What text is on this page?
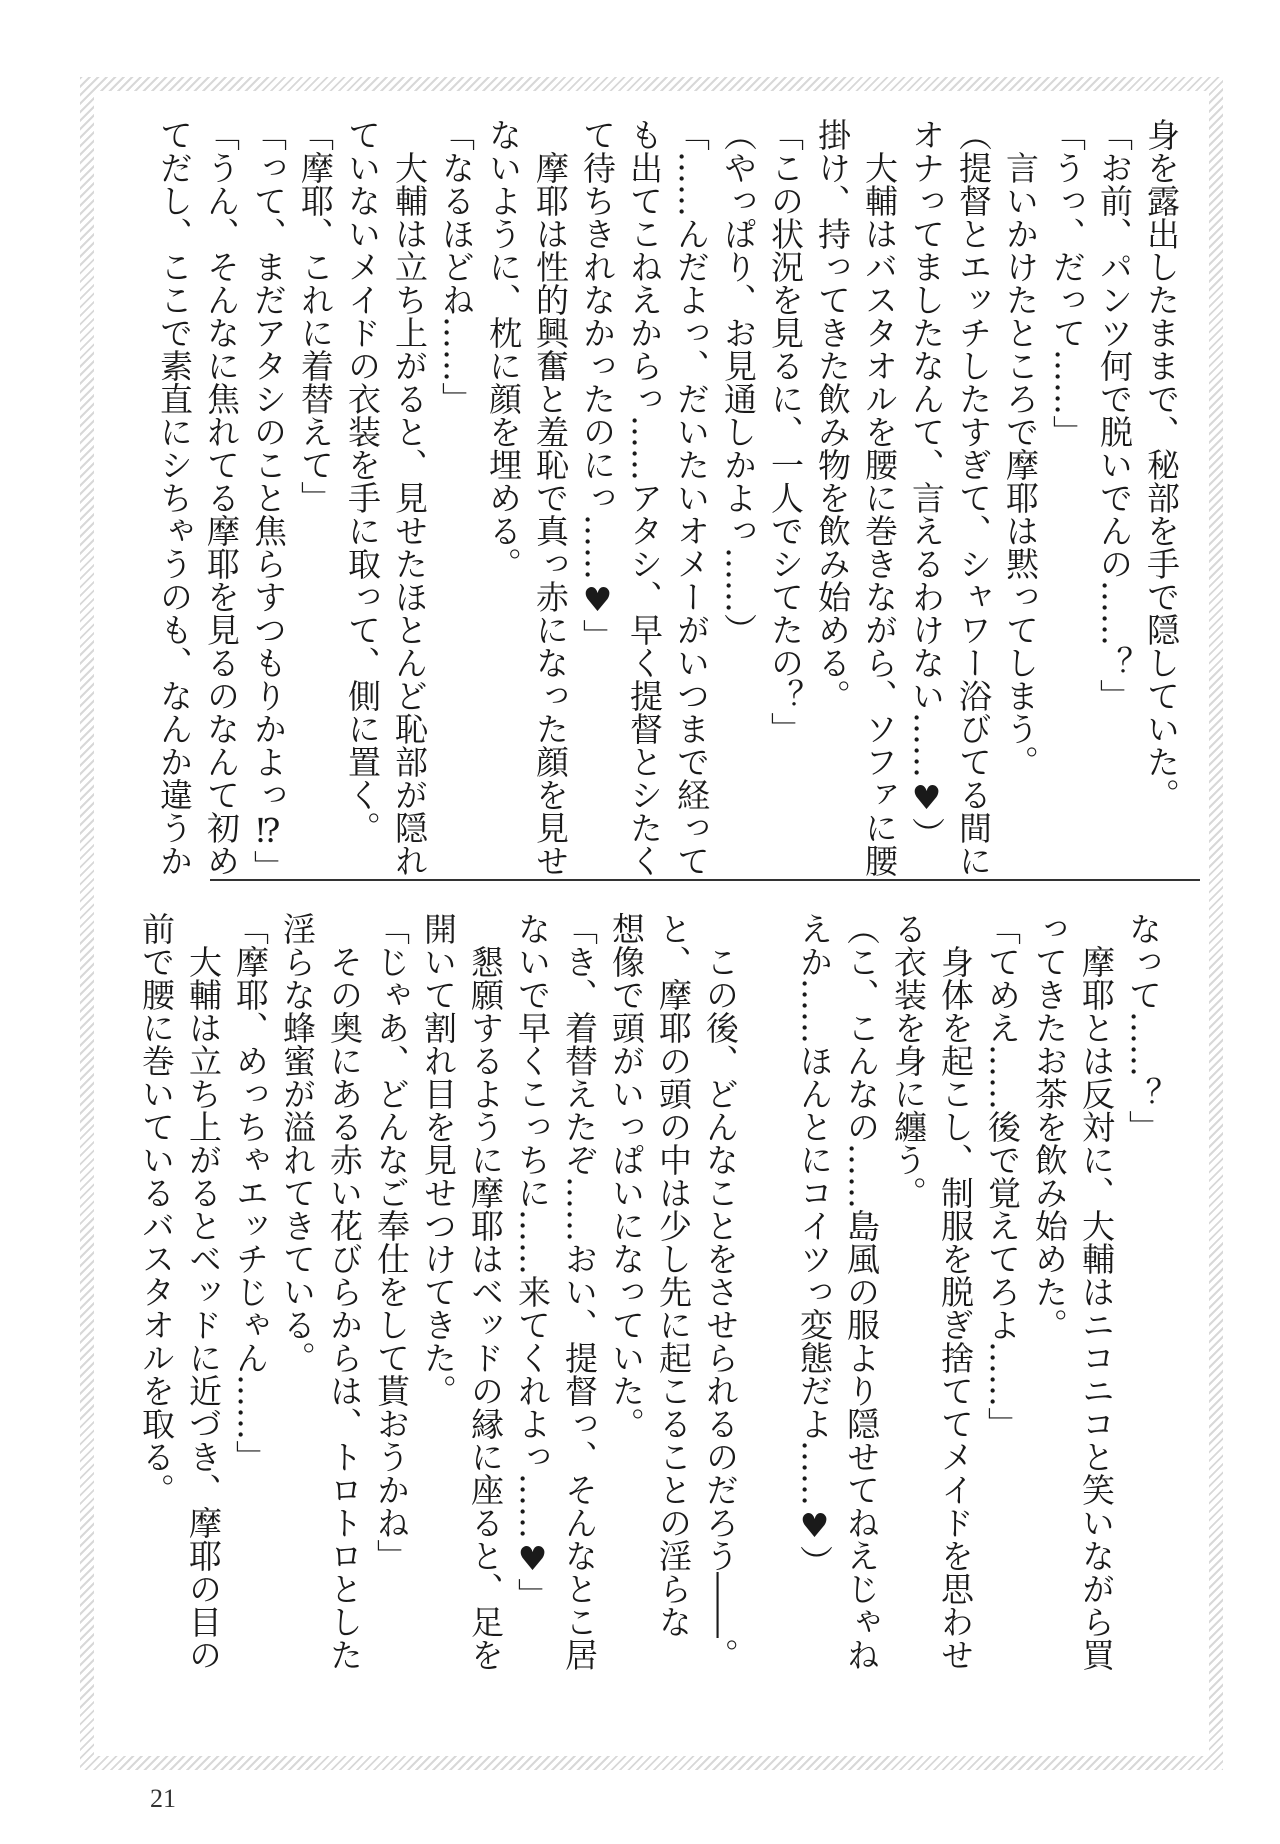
身を露出したままで、秘部を手で隠していた。

「お前、パンツ何で脱いでんの……？」

「うっ、だって……」

　言いかけたところで摩耶は黙ってしまう。

（提督とエッチしたすぎて、シャワー浴びてる間に

オナってましたなんて、言えるわけない……♥）

　大輔はバスタオルを腰に巻きながら、ソファに腰

掛け、持ってきた飲み物を飲み始める。

「この状況を見るに、一人でシてたの？」

（やっぱり、お見通しかよっ……）

「……んだよっ、だいたいオメーがいつまで経って

も出てこねえからっ……アタシ、早く提督とシたく

て待ちきれなかったのにっ……♥」

　摩耶は性的興奮と羞恥で真っ赤になった顔を見せ

ないように、枕に顔を埋める。

「なるほどね……」

　大輔は立ち上がると、見せたほとんど恥部が隠れ

ていないメイドの衣装を手に取って、側に置く。

「摩耶、これに着替えて」

「って、まだアタシのこと焦らすつもりかよっ⁉」

「うん、そんなに焦れてる摩耶を見るのなんて初め

てだし、ここで素直にシちゃうのも、なんか違うか

なって……？」

　摩耶とは反対に、大輔はニコニコと笑いながら買

ってきたお茶を飲み始めた。

「てめえ……後で覚えてろよ……」

　身体を起こし、制服を脱ぎ捨ててメイドを思わせ

る衣装を身に纏う。

（こ、こんなの……島風の服より隠せてねえじゃね

えか……ほんとにコイツっ変態だよ……♥）

　この後、どんなことをさせられるのだろう――。

と、摩耶の頭の中は少し先に起こることの淫らな

想像で頭がいっぱいになっていた。

「き、着替えたぞ……おい、提督っ、そんなとこ居

ないで早くこっちに……来てくれよっ……♥」

　懇願するように摩耶はベッドの縁に座ると、足を

開いて割れ目を見せつけてきた。

「じゃあ、どんなご奉仕をして貰おうかね」

　その奥にある赤い花びらからは、トロトロとした

淫らな蜂蜜が溢れてきている。

「摩耶、めっちゃエッチじゃん……」

　大輔は立ち上がるとベッドに近づき、摩耶の目の

前で腰に巻いているバスタオルを取る。

21
